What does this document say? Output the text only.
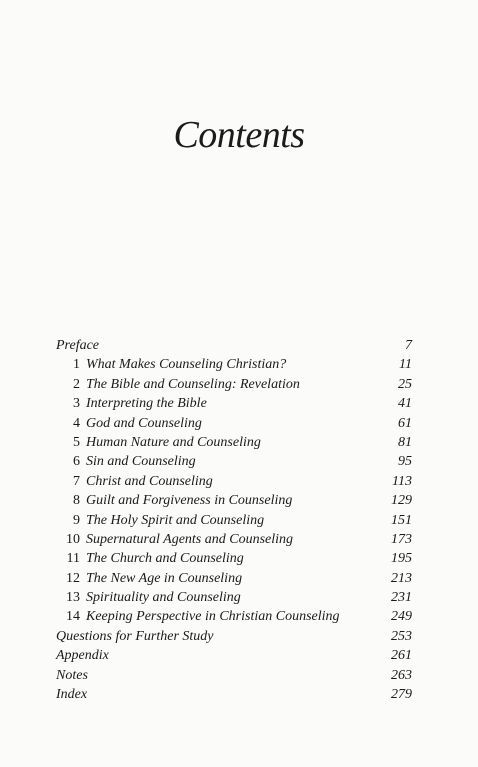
Contents
Preface	7
1 What Makes Counseling Christian?	11
2 The Bible and Counseling: Revelation	25
3 Interpreting the Bible	41
4 God and Counseling	61
5 Human Nature and Counseling	81
6 Sin and Counseling	95
7 Christ and Counseling	113
8 Guilt and Forgiveness in Counseling	129
9 The Holy Spirit and Counseling	151
10 Supernatural Agents and Counseling	173
11 The Church and Counseling	195
12 The New Age in Counseling	213
13 Spirituality and Counseling	231
14 Keeping Perspective in Christian Counseling	249
Questions for Further Study	253
Appendix	261
Notes	263
Index	279
